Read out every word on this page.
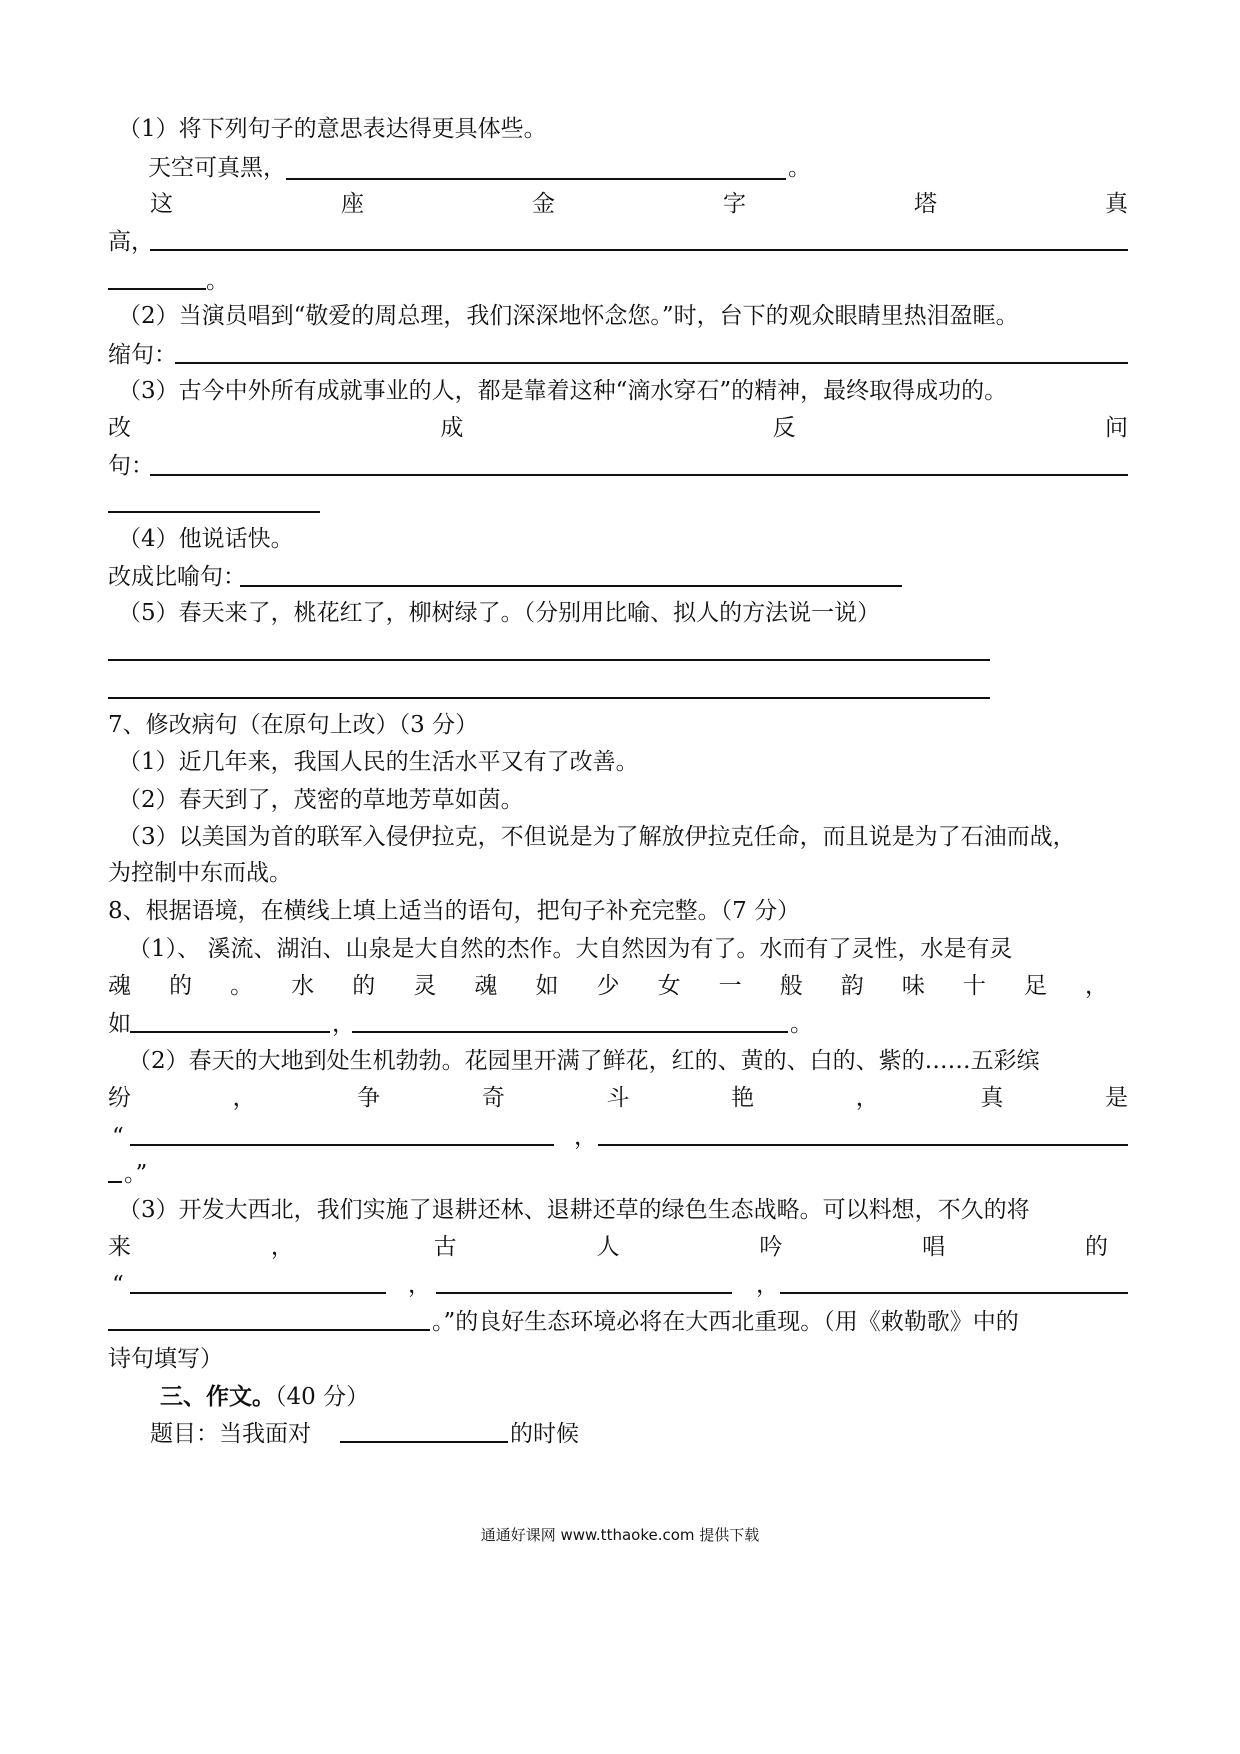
（1）将下列句子的意思表达得更具体些。
天空可真黑，	。
这	座	金	字	塔	真
高，
。
（2）当演员唱到“敬爱的周总理，我们深深地怀念您。”时，台下的观众眼睛里热泪盈眶。
缩句：
（3）古今中外所有成就事业的人，都是靠着这种“滴水穿石”的精神，最终取得成功的。
改	成	反	问
句：
（4）他说话快。
改成比喻句：
（5）春天来了，桃花红了，柳树绿了。（分别用比喻、拟人的方法说一说）
7、修改病句（在原句上改）（3 分）
（1）近几年来，我国人民的生活水平又有了改善。
（2）春天到了，茂密的草地芳草如茵。
（3）以美国为首的联军入侵伊拉克，不但说是为了解放伊拉克任命，而且说是为了石油而战，
为控制中东而战。
8、根据语境，在横线上填上适当的语句，把句子补充完整。（7 分）
（1）、 溪流、湖泊、山泉是大自然的杰作。大自然因为有了。水而有了灵性，水是有灵
魂 的 。 水 的 灵 魂 如 少 女 一 般 韵 味 十 足 ，
如	，	。
（2）春天的大地到处生机勃勃。花园里开满了鲜花，红的、黄的、白的、紫的……五彩缤
纷	，	争	奇	斗	艳	，	真	是
“	，
。”
（3）开发大西北，我们实施了退耕还林、退耕还草的绿色生态战略。可以料想，不久的将
来	，	古	人	吟	唱	的
“	，	，
。”的良好生态环境必将在大西北重现。（用《敕勒歌》中的
诗句填写）
三、作文。（40 分）
题目：当我面对	的时候
通通好课网 www.tthaoke.com 提供下载
